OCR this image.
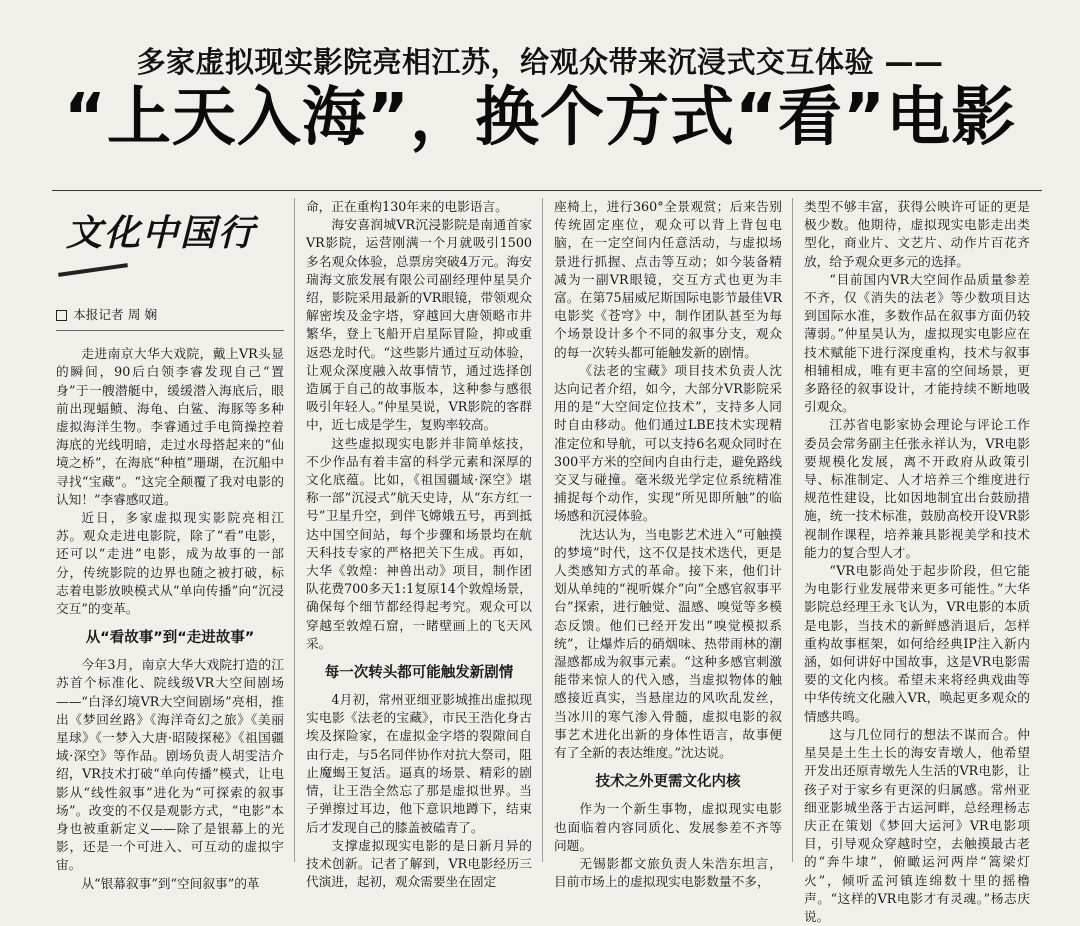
多家虚拟现实影院亮相江苏，给观众带来沉浸式交互体验 ——
“上天入海”，换个方式“看”电影
文化中国行
本报记者 周 娴

走进南京大华大戏院，戴上VR头显的瞬间，90后白领李睿发现自己“置身”于一艘潜艇中，缓缓潜入海底后，眼前出现蝠鲼、海龟、白鲨、海豚等多种虚拟海洋生物。李睿通过手电筒操控着海底的光线明暗，走过水母搭起来的“仙境之桥”，在海底“种植”珊瑚，在沉船中寻找“宝藏”。“这完全颠覆了我对电影的认知！”李睿感叹道。

近日，多家虚拟现实影院亮相江苏。观众走进电影院，除了“看”电影，还可以“走进”电影，成为故事的一部分，传统影院的边界也随之被打破，标志着电影放映模式从“单向传播”向“沉浸交互”的变革。

从“看故事”到“走进故事”

今年3月，南京大华大戏院打造的江苏首个标准化、院线级VR大空间剧场——“白泽幻境VR大空间剧场”亮相，推出《梦回丝路》《海洋奇幻之旅》《美丽星球》《一梦入大唐·昭陵探秘》《祖国疆域·深空》等作品。剧场负责人胡雯洁介绍，VR技术打破“单向传播”模式，让电影从“线性叙事”进化为“可探索的叙事场”。改变的不仅是观影方式，“电影”本身也被重新定义——除了是银幕上的光影，还是一个可进入、可互动的虚拟宇宙。

从“银幕叙事”到“空间叙事”的革

命，正在重构130年来的电影语言。

海安喜润城VR沉浸影院是南通首家VR影院，运营刚满一个月就吸引1500多名观众体验，总票房突破4万元。海安瑞海文旅发展有限公司副经理仲星昊介绍，影院采用最新的VR眼镜，带领观众解密埃及金字塔，穿越回大唐领略市井繁华，登上飞船开启星际冒险，抑或重返恐龙时代。“这些影片通过互动体验，让观众深度融入故事情节，通过选择创造属于自己的故事版本，这种参与感很吸引年轻人。”仲星昊说，VR影院的客群中，近七成是学生，复购率较高。

这些虚拟现实电影并非简单炫技，不少作品有着丰富的科学元素和深厚的文化底蕴。比如，《祖国疆域·深空》堪称一部“沉浸式”航天史诗，从“东方红一号”卫星升空，到伴飞嫦娥五号，再到抵达中国空间站，每个步骤和场景均在航天科技专家的严格把关下生成。再如，大华《敦煌：神兽出动》项目，制作团队花费700多天1:1复原14个敦煌场景，确保每个细节都经得起考究。观众可以穿越至敦煌石窟，一睹壁画上的飞天风采。

每一次转头都可能触发新剧情

4月初，常州亚细亚影城推出虚拟现实电影《法老的宝藏》，市民王浩化身古埃及探险家，在虚拟金字塔的裂隙间自由行走，与5名同伴协作对抗大祭司，阻止魔蝎王复活。逼真的场景、精彩的剧情，让王浩全然忘了那是虚拟世界。当子弹擦过耳边，他下意识地蹲下，结束后才发现自己的膝盖被磕青了。

支撑虚拟现实电影的是日新月异的技术创新。记者了解到，VR电影经历三代演进，起初，观众需要坐在固定

座椅上，进行360°全景观赏；后来告别传统固定座位，观众可以背上背包电脑，在一定空间内任意活动，与虚拟场景进行抓握、点击等互动；如今装备精减为一副VR眼镜，交互方式也更为丰富。在第75届威尼斯国际电影节最佳VR电影奖《苍穹》中，制作团队甚至为每个场景设计多个不同的叙事分支，观众的每一次转头都可能触发新的剧情。

《法老的宝藏》项目技术负责人沈达向记者介绍，如今，大部分VR影院采用的是“大空间定位技术”，支持多人同时自由移动。他们通过LBE技术实现精准定位和导航，可以支持6名观众同时在300平方米的空间内自由行走，避免路线交叉与碰撞。毫米级光学定位系统精准捕捉每个动作，实现“所见即所触”的临场感和沉浸体验。

沈达认为，当电影艺术进入“可触摸的梦境”时代，这不仅是技术迭代，更是人类感知方式的革命。接下来，他们计划从单纯的“视听媒介”向“全感官叙事平台”探索，进行触觉、温感、嗅觉等多模态反馈。他们已经开发出“嗅觉模拟系统”，让爆炸后的硝烟味、热带雨林的潮湿感都成为叙事元素。“这种多感官刺激能带来惊人的代入感，当虚拟物体的触感接近真实，当悬崖边的风吹乱发丝，当冰川的寒气渗入骨髓，虚拟电影的叙事艺术进化出新的身体性语言，故事便有了全新的表达维度。”沈达说。

技术之外更需文化内核

作为一个新生事物，虚拟现实电影也面临着内容同质化、发展参差不齐等问题。

无锡影都文旅负责人朱浩东坦言，目前市场上的虚拟现实电影数量不多，

类型不够丰富，获得公映许可证的更是极少数。他期待，虚拟现实电影走出类型化，商业片、文艺片、动作片百花齐放，给予观众更多元的选择。

“目前国内VR大空间作品质量参差不齐，仅《消失的法老》等少数项目达到国际水准，多数作品在叙事方面仍较薄弱。”仲星昊认为，虚拟现实电影应在技术赋能下进行深度重构，技术与叙事相辅相成，唯有更丰富的空间场景，更多路径的叙事设计，才能持续不断地吸引观众。

江苏省电影家协会理论与评论工作委员会常务副主任张永祥认为，VR电影要规模化发展，离不开政府从政策引导、标准制定、人才培养三个维度进行规范性建设，比如因地制宜出台鼓励措施，统一技术标准，鼓励高校开设VR影视制作课程，培养兼具影视美学和技术能力的复合型人才。

“VR电影尚处于起步阶段，但它能为电影行业发展带来更多可能性。”大华影院总经理王永飞认为，VR电影的本质是电影，当技术的新鲜感消退后，怎样重构故事框架，如何给经典IP注入新内涵，如何讲好中国故事，这是VR电影需要的文化内核。希望未来将经典戏曲等中华传统文化融入VR，唤起更多观众的情感共鸣。

这与几位同行的想法不谋而合。仲星昊是土生土长的海安青墩人，他希望开发出还原青墩先人生活的VR电影，让孩子对于家乡有更深的归属感。常州亚细亚影城坐落于古运河畔，总经理杨志庆正在策划《梦回大运河》VR电影项目，引导观众穿越时空，去触摸最古老的“奔牛埭”，俯瞰运河两岸“篙梁灯火”，倾听孟河镇连绵数十里的摇橹声。“这样的VR电影才有灵魂。”杨志庆说。
